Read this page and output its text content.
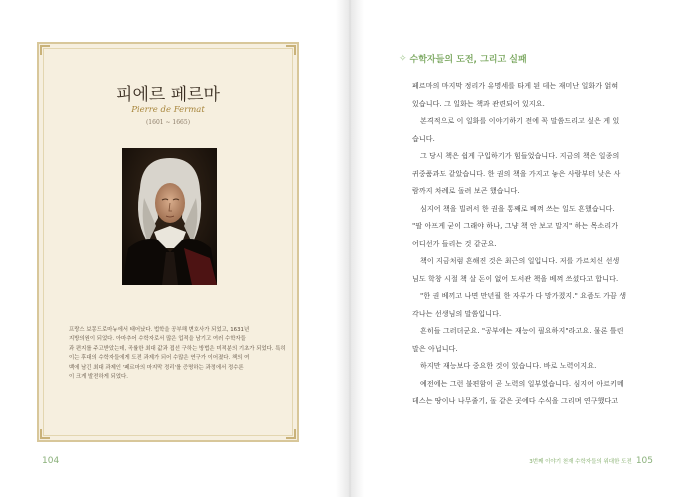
피에르 페르마
Pierre de Fermat
(1601 ~ 1665)
프랑스 보몽드로마뉴에서 태어났다. 법학을 공부해 변호사가 되었고, 1631년
지방의원이 되었다. 아마추어 수학자로서 많은 업적을 남기고 여러 수학자들
과 편지를 주고받았는데, 곡률한 최대 값과 접선 구하는 방법은 미적분의 기초가 되었다. 특히
이는 후대의 수학자들에게 도전 과제가 되어 수많은 연구가 이어졌다. 책의 여
백에 남긴 최대 과제인 '페르마의 마지막 정리'를 증명하는 과정에서 정수론
이 크게 발전하게 되었다.
104
✧ 수학자들의 도전, 그리고 실패
페르마의 마지막 정리가 유명세를 타게 된 데는 재미난 일화가 얽혀
있습니다. 그 일화는 책과 관련되어 있지요.
본격적으로 이 일화를 이야기하기 전에 꼭 말씀드리고 싶은 게 있
습니다.
그 당시 책은 쉽게 구입하기가 힘들었습니다. 지금의 책은 일종의
귀중품과도 같았습니다. 한 권의 책을 가지고 놓은 사람부터 낮은 사
람까지 차례로 돌려 보곤 했습니다.
심지어 책을 빌려서 한 권을 통째로 베껴 쓰는 일도 흔했습니다.
"팔 아프게 굳이 그래야 하나, 그냥 책 안 보고 말지" 하는 목소리가
어디선가 들리는 것 같군요.
책이 지금처럼 흔해진 것은 최근의 일입니다. 저를 가르치신 선생
님도 학창 시절 책 살 돈이 없어 도서관 책을 베껴 쓰셨다고 합니다.
"한 권 베끼고 나면 만년필 한 자루가 다 망가졌지." 요즘도 가끔 생
각나는 선생님의 말씀입니다.
흔히들 그러더군요. "공부에는 재능이 필요하지"라고요. 물론 틀린
말은 아닙니다.
하지만 재능보다 중요한 것이 있습니다. 바로 노력이지요.
예전에는 그런 불편함이 곧 노력의 일부였습니다. 심지어 아르키메
데스는 땅이나 나무줄기, 돌 같은 곳에다 수식을 그리며 연구했다고
3번째 이야기 천재 수학자들의 위대한 도전 105
